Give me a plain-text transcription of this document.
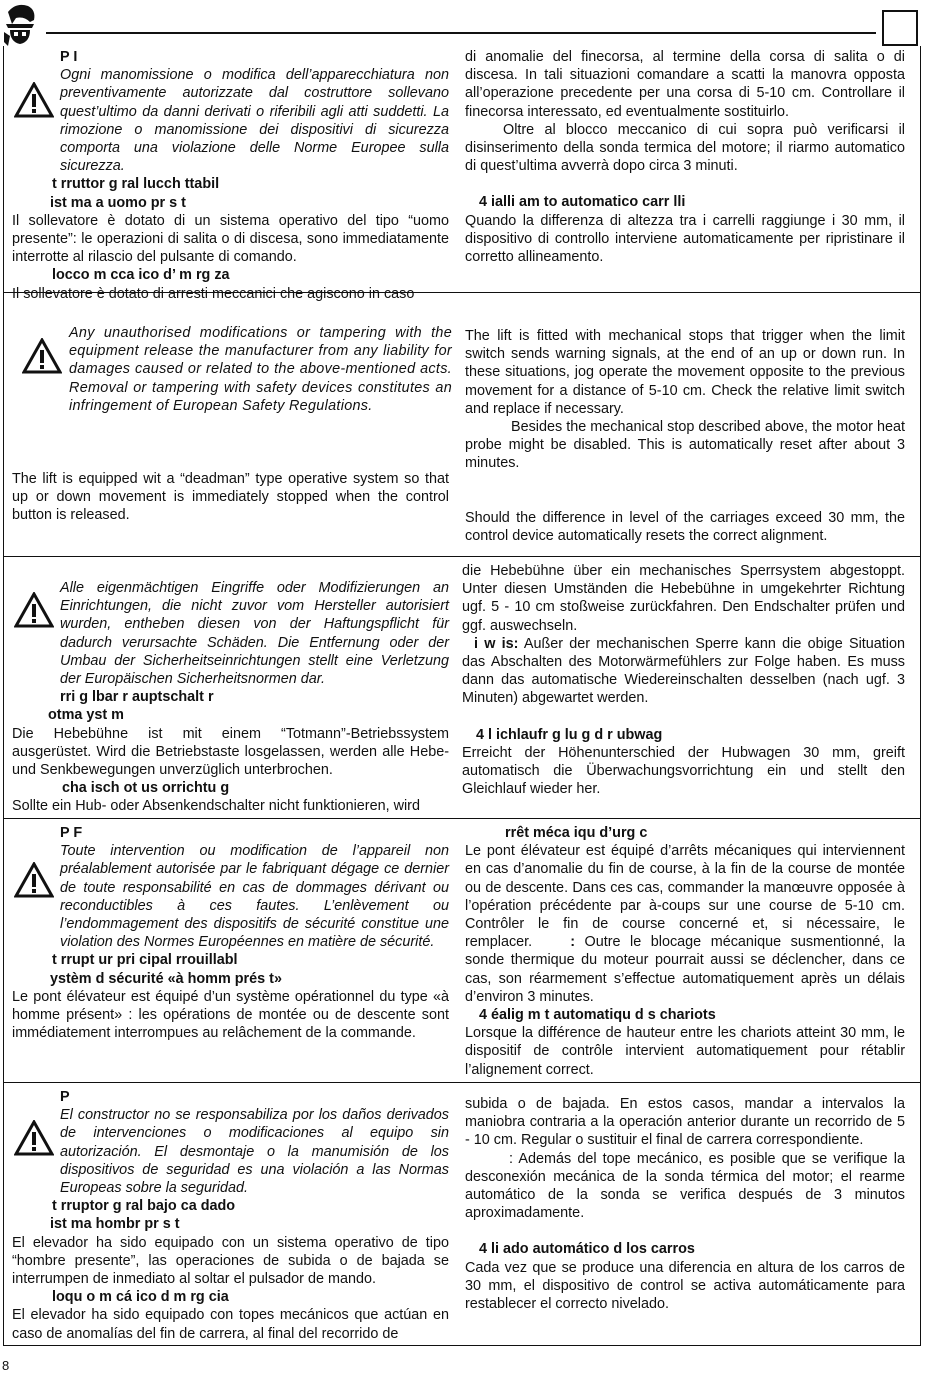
P I

Ogni manomissione o modifica dell’apparecchiatura non preventivamente autorizzate dal costruttore sollevano quest’ultimo da danni derivati o riferibili agli atti suddetti. La rimozione o manomissione dei dispositivi di sicurezza comporta una violazione delle Norme Europee sulla sicurezza.

t rruttor g ral lucch ttabil

ist ma a uomo pr s t

Il sollevatore è dotato di un sistema operativo del tipo “uomo presente”: le operazioni di salita o di discesa, sono immediatamente interrotte al rilascio del pulsante di comando.

locco m cca ico d’ m rg za

Il sollevatore è dotato di arresti meccanici che agiscono in caso

di anomalie del finecorsa, al termine della corsa di salita o di discesa. In tali situazioni comandare a scatti la manovra opposta all’operazione precedente per una corsa di 5-10 cm. Controllare il finecorsa interessato, ed eventualmente sostituirlo.

Oltre al blocco meccanico di cui sopra può verificarsi il disinserimento della sonda termica del motore; il riarmo automatico di quest’ultima avverrà dopo circa 3 minuti.

4 ialli am to automatico carr lli

Quando la differenza di altezza tra i carrelli raggiunge i 30 mm, il dispositivo di controllo interviene automaticamente per ripristinare il corretto allineamento.

Any unauthorised modifications or tampering with the equipment release the manufacturer from any liability for damages caused or related to the above-mentioned acts. Removal or tampering with safety devices constitutes an infringement of European Safety Regulations.
The lift is equipped wit a “deadman” type operative system so that up or down movement is immediately stopped when the control button is released.

The lift is fitted with mechanical stops that trigger when the limit switch sends warning signals, at the end of an up or down run. In these situations, jog operate the movement opposite to the previous movement for a distance of 5-10 cm. Check the relative limit switch and replace if necessary.

Besides the mechanical stop described above, the motor heat probe might be disabled. This is automatically reset after about 3 minutes.

Should the difference in level of the carriages exceed 30 mm, the control device automatically resets the correct alignment.

Alle eigenmächtigen Eingriffe oder Modifizierungen an Einrichtungen, die nicht zuvor vom Hersteller autorisiert wurden, entheben diesen von der Haftungspflicht für dadurch verursachte Schäden. Die Entfernung oder der Umbau der Sicherheitseinrichtungen stellt eine Verletzung der Europäischen Sicherheitsnormen dar.

rri g lbar r auptschalt r

otma yst m

Die Hebebühne ist mit einem “Totmann”-Betriebssystem ausgerüstet. Wird die Betriebstaste losgelassen, werden alle Hebe- und Senkbewegungen unverzüglich unterbrochen.

cha isch ot us orrichtu g

Sollte ein Hub- oder Absenkendschalter nicht funktionieren, wird

die Hebebühne über ein mechanisches Sperrsystem abgestoppt. Unter diesen Umständen die Hebebühne in umgekehrter Richtung ugf. 5 - 10 cm stoßweise zurückfahren. Den Endschalter prüfen und ggf. auswechseln.

i w is: Außer der mechanischen Sperre kann die obige Situation das Abschalten des Motorwärmefühlers zur Folge haben. Es muss dann das automatische Wiedereinschalten desselben (nach ugf. 3 Minuten) abgewartet werden.

4 l ichlaufr g lu g d r ubwag

Erreicht der Höhenunterschied der Hubwagen 30 mm, greift automatisch die Überwachungsvorrichtung ein und stellt den Gleichlauf wieder her.

P F

Toute intervention ou modification de l’appareil non préalablement autorisée par le fabriquant dégage ce dernier de toute responsabilité en cas de dommages dérivant ou reconductibles à ces fautes. L’enlèvement ou l’endommagement des dispositifs de sécurité constitue une violation des Normes Européennes en matière de sécurité.

t rrupt ur pri cipal rrouillabl

ystèm d sécurité «à homm prés t»

Le pont élévateur est équipé d’un système opérationnel du type «à homme présent» : les opérations de montée ou de descente sont immédiatement interrompues au relâchement de la commande.

rrêt méca iqu d’urg c

Le pont élévateur est équipé d’arrêts mécaniques qui interviennent en cas d’anomalie du fin de course, à la fin de la course de montée ou de descente. Dans ces cas, commander la manœuvre opposée à l’opération précédente par à-coups sur une course de 5-10 cm. Contrôler le fin de course concerné et, si nécessaire, le remplacer.	: Outre le blocage mécanique susmentionné, la sonde thermique du moteur pourrait aussi se déclencher, dans ce cas, son réarmement s’effectue automatiquement après un délais d’environ 3 minutes.

4 éalig m t automatiqu d s chariots

Lorsque la différence de hauteur entre les chariots atteint 30 mm, le dispositif de contrôle intervient automatiquement pour rétablir l’alignement correct.

P

El constructor no se responsabiliza por los daños derivados de intervenciones o modificaciones al equipo sin autorización. El desmontaje o la manumisión de los dispositivos de seguridad es una violación a las Normas Europeas sobre la seguridad.

t rruptor g ral bajo ca dado

ist ma hombr pr s t

El elevador ha sido equipado con un sistema operativo de tipo “hombre presente”, las operaciones de subida o de bajada se interrumpen de inmediato al soltar el pulsador de mando.

loqu o m cá ico d m rg cia

El elevador ha sido equipado con topes mecánicos que actúan en caso de anomalías del fin de carrera, al final del recorrido de

subida o de bajada. En estos casos, mandar a intervalos la maniobra contraria a la operación anterior durante un recorrido de 5 - 10 cm. Regular o sustituir el final de carrera correspondiente.

: Además del tope mecánico, es posible que se verifique la desconexión mecánica de la sonda térmica del motor; el rearme automático de la sonda se verifica después de 3 minutos aproximadamente.

4 li ado automático d los carros

Cada vez que se produce una diferencia en altura de los carros de 30 mm, el dispositivo de control se activa automáticamente para restablecer el correcto nivelado.

8
